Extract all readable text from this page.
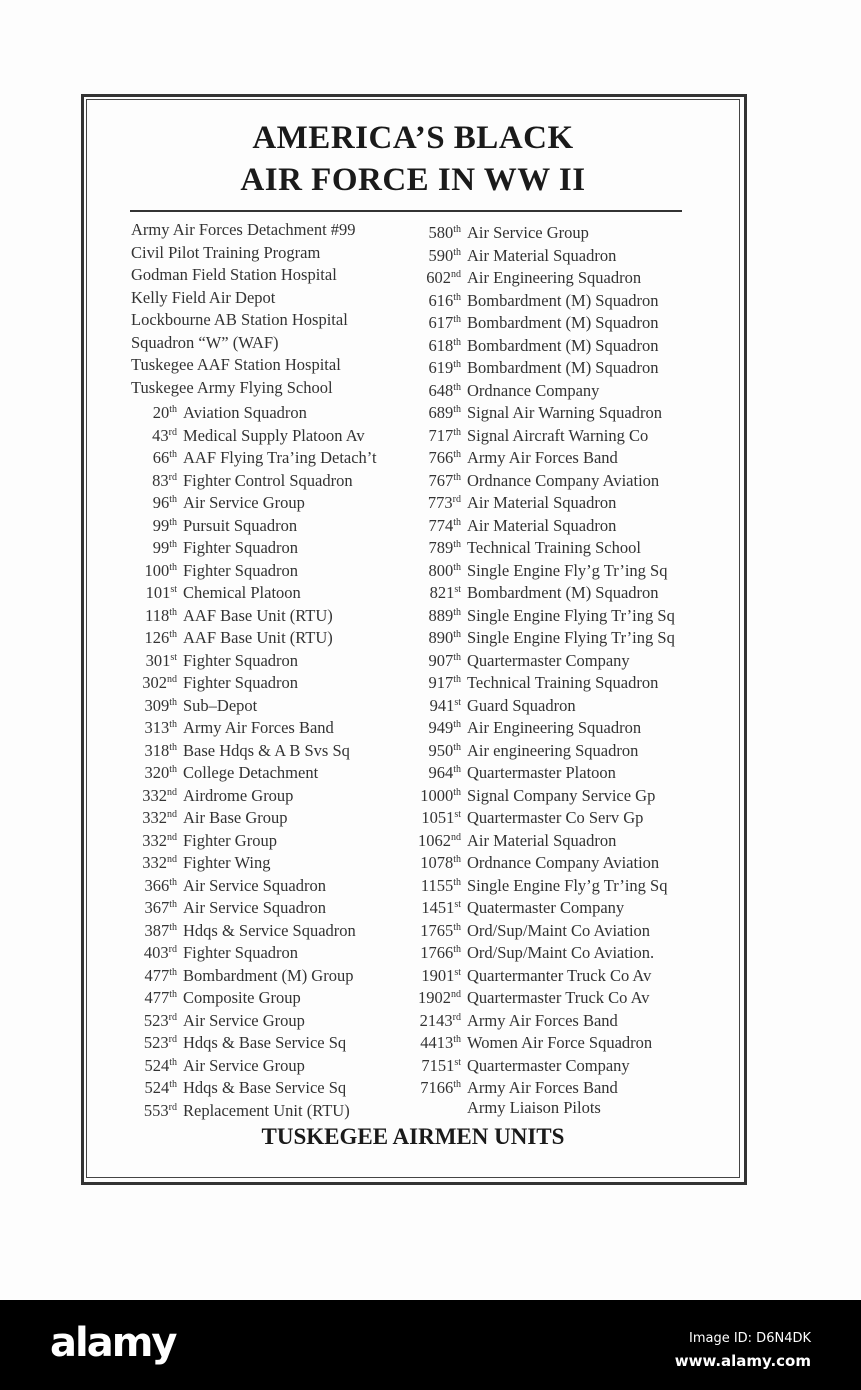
AMERICA’S BLACK
AIR FORCE IN WW II
Army Air Forces Detachment #99
Civil Pilot Training Program
Godman Field Station Hospital
Kelly Field Air Depot
Lockbourne AB Station Hospital
Squadron “W” (WAF)
Tuskegee AAF Station Hospital
Tuskegee Army Flying School
20th Aviation Squadron
43rd Medical Supply Platoon Av
66th AAF Flying Tra’ing Detach’t
83rd Fighter Control Squadron
96th Air Service Group
99th Pursuit Squadron
99th Fighter Squadron
100th Fighter Squadron
101st Chemical Platoon
118th AAF Base Unit (RTU)
126th AAF Base Unit (RTU)
301st Fighter Squadron
302nd Fighter Squadron
309th Sub–Depot
313th Army Air Forces Band
318th Base Hdqs & A B Svs Sq
320th College Detachment
332nd Airdrome Group
332nd Air Base Group
332nd Fighter Group
332nd Fighter Wing
366th Air Service Squadron
367th Air Service Squadron
387th Hdqs & Service Squadron
403rd Fighter Squadron
477th Bombardment (M) Group
477th Composite Group
523rd Air Service Group
523rd Hdqs & Base Service Sq
524th Air Service Group
524th Hdqs & Base Service Sq
553rd Replacement Unit (RTU)
580th Air Service Group
590th Air Material Squadron
602nd Air Engineering Squadron
616th Bombardment (M) Squadron
617th Bombardment (M) Squadron
618th Bombardment (M) Squadron
619th Bombardment (M) Squadron
648th Ordnance Company
689th Signal Air Warning Squadron
717th Signal Aircraft Warning Co
766th Army Air Forces Band
767th Ordnance Company Aviation
773rd Air Material Squadron
774th Air Material Squadron
789th Technical Training School
800th Single Engine Fly’g Tr’ing Sq
821st Bombardment (M) Squadron
889th Single Engine Flying Tr’ing Sq
890th Single Engine Flying Tr’ing Sq
907th Quartermaster Company
917th Technical Training Squadron
941st Guard Squadron
949th Air Engineering Squadron
950th Air engineering Squadron
964th Quartermaster Platoon
1000th Signal Company Service Gp
1051st Quartermaster Co Serv Gp
1062nd Air Material Squadron
1078th Ordnance Company Aviation
1155th Single Engine Fly’g Tr’ing Sq
1451st Quatermaster Company
1765th Ord/Sup/Maint Co Aviation
1766th Ord/Sup/Maint Co Aviation.
1901st Quartermanter Truck Co Av
1902nd Quartermaster Truck Co Av
2143rd Army Air Forces Band
4413th Women Air Force Squadron
7151st Quartermaster Company
7166th Army Air Forces Band
Army Liaison Pilots
TUSKEGEE AIRMEN UNITS
alamy	Image ID: D6N4DK
www.alamy.com
